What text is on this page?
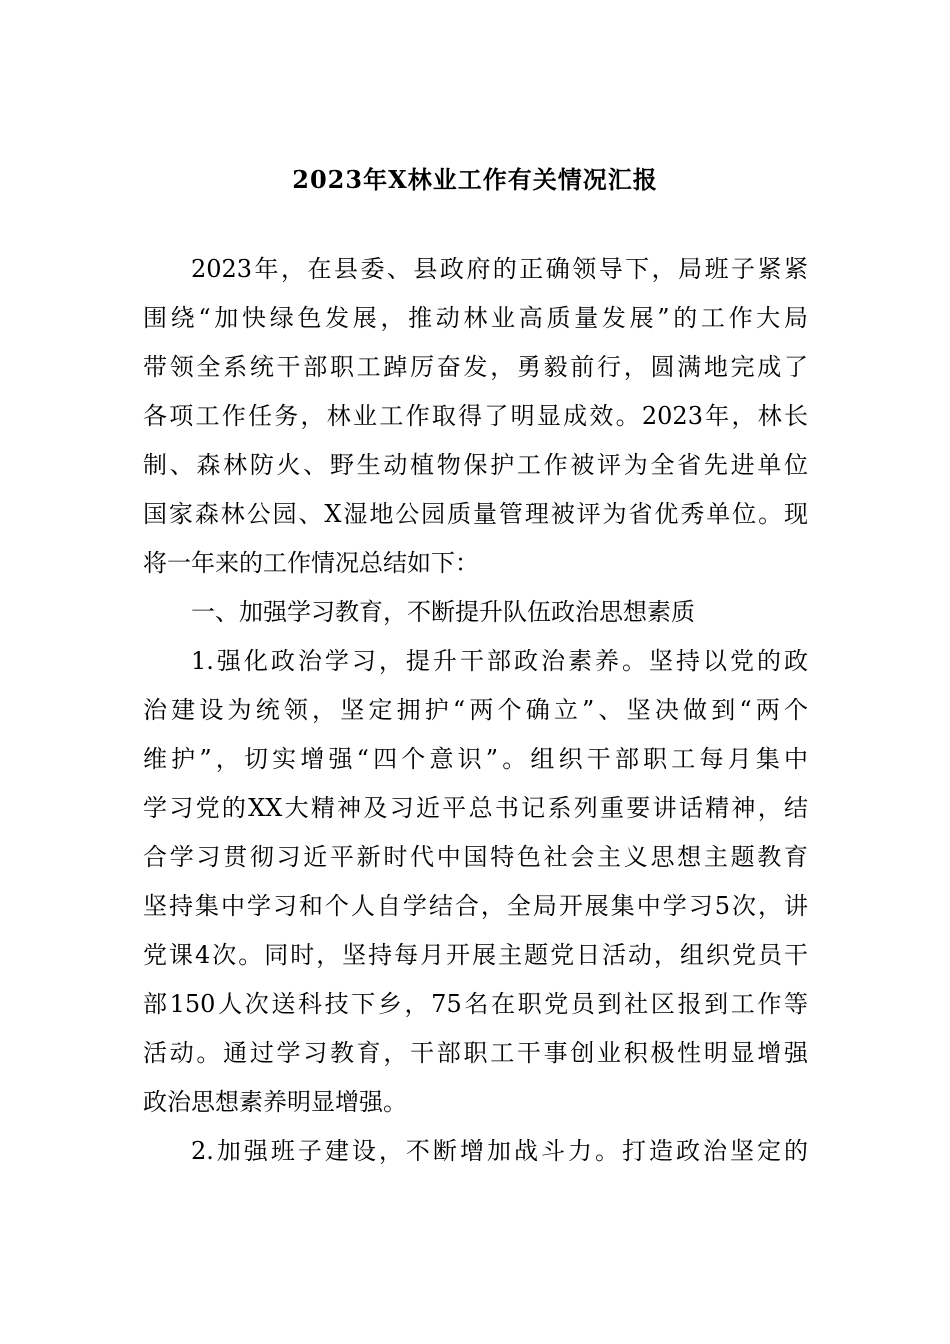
2023年X林业工作有关情况汇报
2023年，在县委、县政府的正确领导下，局班子紧紧
围绕“加快绿色发展，推动林业高质量发展”的工作大局
带领全系统干部职工踔厉奋发，勇毅前行，圆满地完成了
各项工作任务，林业工作取得了明显成效。2023年，林长
制、森林防火、野生动植物保护工作被评为全省先进单位
国家森林公园、X湿地公园质量管理被评为省优秀单位。现
将一年来的工作情况总结如下：
一、加强学习教育，不断提升队伍政治思想素质
1.强化政治学习，提升干部政治素养。坚持以党的政
治建设为统领，坚定拥护“两个确立”、坚决做到“两个
维护”，切实增强“四个意识”。组织干部职工每月集中
学习党的XX大精神及习近平总书记系列重要讲话精神，结
合学习贯彻习近平新时代中国特色社会主义思想主题教育
坚持集中学习和个人自学结合，全局开展集中学习5次，讲
党课4次。同时，坚持每月开展主题党日活动，组织党员干
部150人次送科技下乡，75名在职党员到社区报到工作等
活动。通过学习教育，干部职工干事创业积极性明显增强
政治思想素养明显增强。
2.加强班子建设，不断增加战斗力。打造政治坚定的
